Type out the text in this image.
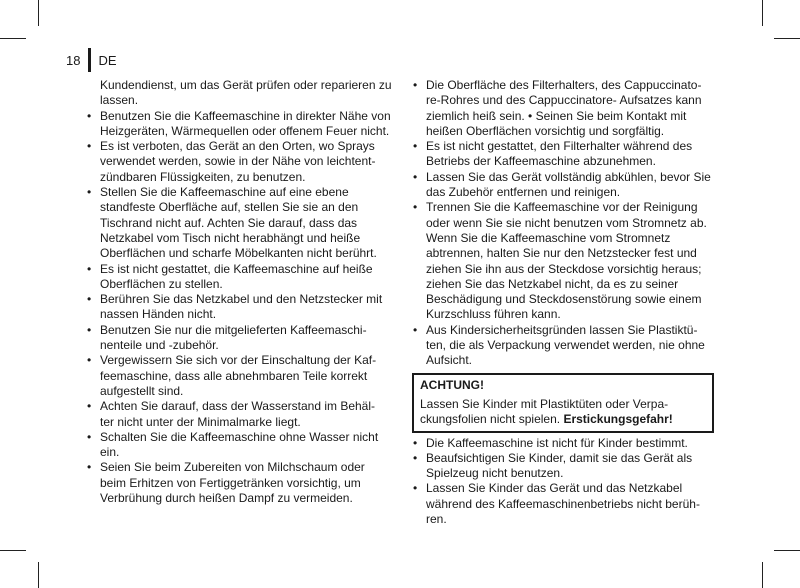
18 DE
Kundendienst, um das Gerät prüfen oder reparieren zu lassen.
• Benutzen Sie die Kaffeemaschine in direkter Nähe von Heizgeräten, Wärmequellen oder offenem Feuer nicht.
• Es ist verboten, das Gerät an den Orten, wo Sprays verwendet werden, sowie in der Nähe von leichtent- zündbaren Flüssigkeiten, zu benutzen.
• Stellen Sie die Kaffeemaschine auf eine ebene standfeste Oberfläche auf, stellen Sie sie an den Tischrand nicht auf. Achten Sie darauf, dass das Netzkabel vom Tisch nicht herabhängt und heiße Oberflächen und scharfe Möbelkanten nicht berührt.
• Es ist nicht gestattet, die Kaffeemaschine auf heiße Oberflächen zu stellen.
• Berühren Sie das Netzkabel und den Netzstecker mit nassen Händen nicht.
• Benutzen Sie nur die mitgelieferten Kaffeemaschi- nenteile und -zubehör.
• Vergewissern Sie sich vor der Einschaltung der Kaf- feemaschine, dass alle abnehmbaren Teile korrekt aufgestellt sind.
• Achten Sie darauf, dass der Wasserstand im Behäl- ter nicht unter der Minimalmarke liegt.
• Schalten Sie die Kaffeemaschine ohne Wasser nicht ein.
• Seien Sie beim Zubereiten von Milchschaum oder beim Erhitzen von Fertiggetränken vorsichtig, um Verbrühung durch heißen Dampf zu vermeiden.
• Die Oberfläche des Filterhalters, des Cappuccinato- re-Rohres und des Cappuccinatore- Aufsatzes kann ziemlich heiß sein. • Seinen Sie beim Kontakt mit heißen Oberflächen vorsichtig und sorgfältig.
• Es ist nicht gestattet, den Filterhalter während des Betriebs der Kaffeemaschine abzunehmen.
• Lassen Sie das Gerät vollständig abkühlen, bevor Sie das Zubehör entfernen und reinigen.
• Trennen Sie die Kaffeemaschine vor der Reinigung oder wenn Sie sie nicht benutzen vom Stromnetz ab. Wenn Sie die Kaffeemaschine vom Stromnetz abtrennen, halten Sie nur den Netzstecker fest und ziehen Sie ihn aus der Steckdose vorsichtig heraus; ziehen Sie das Netzkabel nicht, da es zu seiner Beschädigung und Steckdosenstörung sowie einem Kurzschluss führen kann.
• Aus Kindersicherheitsgründen lassen Sie Plastiktü- ten, die als Verpackung verwendet werden, nie ohne Aufsicht.
ACHTUNG!
Lassen Sie Kinder mit Plastiktüten oder Verpa- ckungsfolien nicht spielen. Erstickungsgefahr!
• Die Kaffeemaschine ist nicht für Kinder bestimmt.
• Beaufsichtigen Sie Kinder, damit sie das Gerät als Spielzeug nicht benutzen.
• Lassen Sie Kinder das Gerät und das Netzkabel während des Kaffeemaschinenbetriebs nicht berüh- ren.
